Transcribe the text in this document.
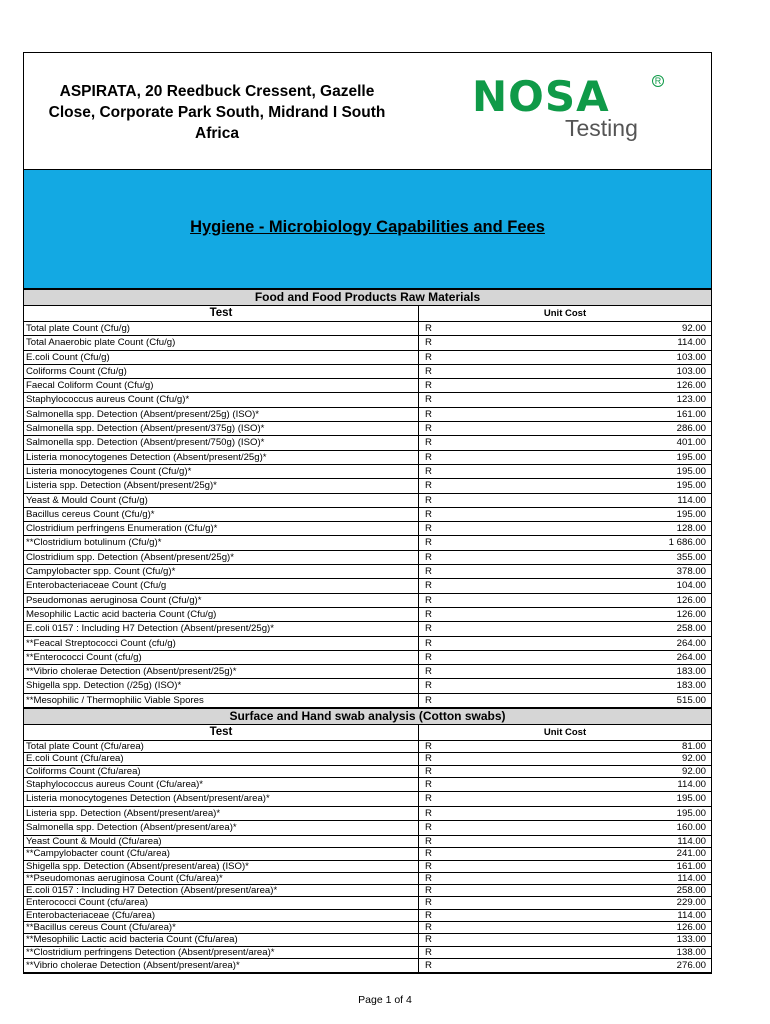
ASPIRATA, 20 Reedbuck Cressent, Gazelle
Close, Corporate Park South, Midrand I South
Africa
NOSA	R
Testing
Hygiene - Microbiology Capabilities and Fees
Food and Food Products Raw Materials
Test	Unit Cost
Total plate Count (Cfu/g)	R	92.00
Total Anaerobic plate Count (Cfu/g)	R	114.00
E.coli Count (Cfu/g)	R	103.00
Coliforms Count (Cfu/g)	R	103.00
Faecal Coliform Count (Cfu/g)	R	126.00
Staphylococcus aureus Count (Cfu/g)*	R	123.00
Salmonella spp. Detection (Absent/present/25g) (ISO)*	R	161.00
Salmonella spp. Detection (Absent/present/375g) (ISO)*	R	286.00
Salmonella spp. Detection (Absent/present/750g) (ISO)*	R	401.00
Listeria monocytogenes Detection (Absent/present/25g)*	R	195.00
Listeria monocytogenes Count (Cfu/g)*	R	195.00
Listeria spp. Detection (Absent/present/25g)*	R	195.00
Yeast & Mould Count (Cfu/g)	R	114.00
Bacillus cereus Count (Cfu/g)*	R	195.00
Clostridium perfringens Enumeration (Cfu/g)*	R	128.00
**Clostridium botulinum (Cfu/g)*	R	1 686.00
Clostridium spp. Detection (Absent/present/25g)*	R	355.00
Campylobacter spp. Count (Cfu/g)*	R	378.00
Enterobacteriaceae Count (Cfu/g	R	104.00
Pseudomonas aeruginosa Count (Cfu/g)*	R	126.00
Mesophilic Lactic acid bacteria Count (Cfu/g)	R	126.00
E.coli 0157 : Including H7 Detection (Absent/present/25g)*	R	258.00
**Feacal Streptococci Count (cfu/g)	R	264.00
**Enterococci Count (cfu/g)	R	264.00
**Vibrio cholerae Detection (Absent/present/25g)*	R	183.00
Shigella spp. Detection (/25g) (ISO)*	R	183.00
**Mesophilic / Thermophilic Viable Spores	R	515.00
Surface and Hand swab analysis (Cotton swabs)
Test	Unit Cost
Total plate Count (Cfu/area)	R	81.00
E.coli Count (Cfu/area)	R	92.00
Coliforms Count (Cfu/area)	R	92.00
Staphylococcus aureus Count (Cfu/area)*	R	114.00
Listeria monocytogenes Detection (Absent/present/area)*	R	195.00
Listeria spp. Detection (Absent/present/area)*	R	195.00
Salmonella spp. Detection (Absent/present/area)*	R	160.00
Yeast Count & Mould (Cfu/area)	R	114.00
**Campylobacter count (Cfu/area)	R	241.00
Shigella spp. Detection (Absent/present/area) (ISO)*	R	161.00
**Pseudomonas aeruginosa Count (Cfu/area)*	R	114.00
E.coli 0157 : Including H7 Detection (Absent/present/area)*	R	258.00
Enterococci Count (cfu/area)	R	229.00
Enterobacteriaceae (Cfu/area)	R	114.00
**Bacillus cereus Count (Cfu/area)*	R	126.00
**Mesophilic Lactic acid bacteria Count (Cfu/area)	R	133.00
**Clostridium perfringens Detection (Absent/present/area)*	R	138.00
**Vibrio cholerae Detection (Absent/present/area)*	R	276.00
Page 1 of 4
